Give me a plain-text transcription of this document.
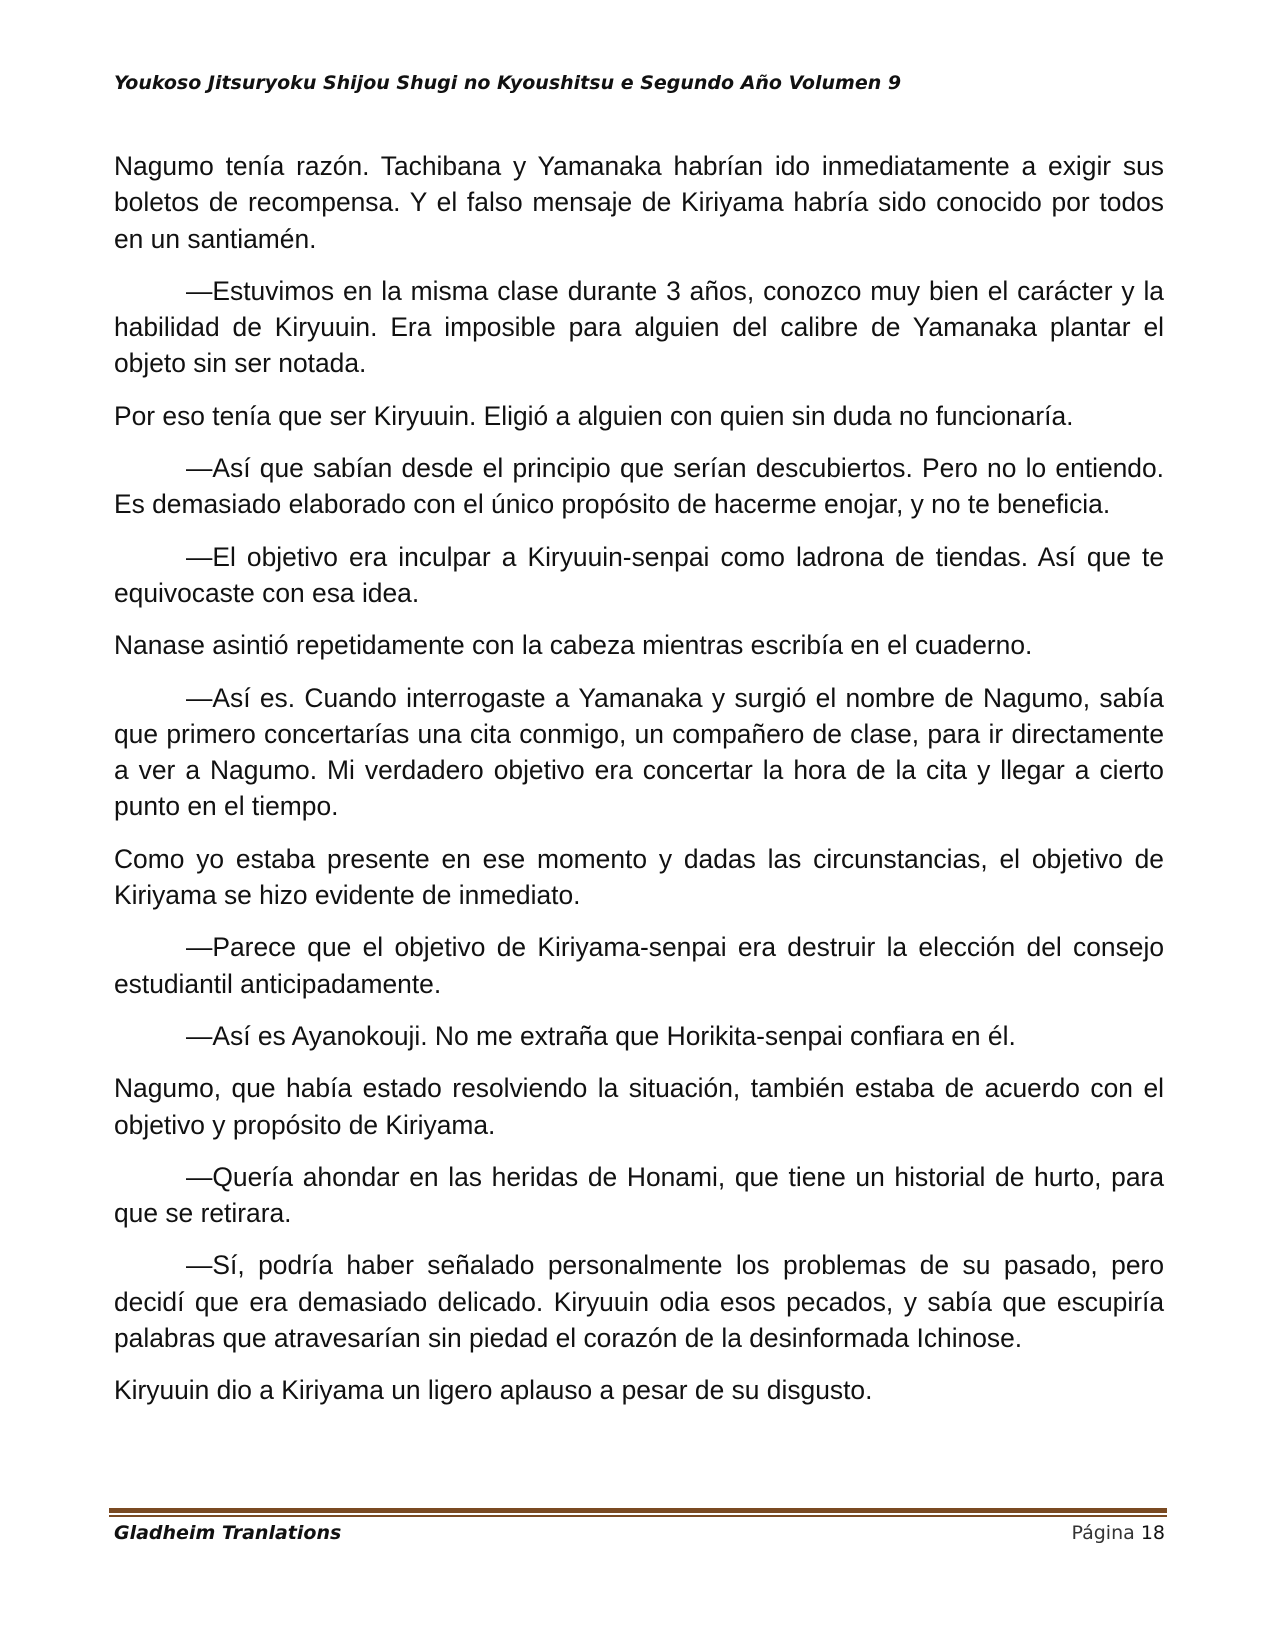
Youkoso Jitsuryoku Shijou Shugi no Kyoushitsu e Segundo Año Volumen 9

Nagumo tenía razón. Tachibana y Yamanaka habrían ido inmediatamente a exigir sus boletos de recompensa. Y el falso mensaje de Kiriyama habría sido conocido por todos en un santiamén.

—Estuvimos en la misma clase durante 3 años, conozco muy bien el carácter y la habilidad de Kiryuuin. Era imposible para alguien del calibre de Yamanaka plantar el objeto sin ser notada.

Por eso tenía que ser Kiryuuin. Eligió a alguien con quien sin duda no funcionaría.

—Así que sabían desde el principio que serían descubiertos. Pero no lo entiendo. Es demasiado elaborado con el único propósito de hacerme enojar, y no te beneficia.

—El objetivo era inculpar a Kiryuuin-senpai como ladrona de tiendas. Así que te equivocaste con esa idea.

Nanase asintió repetidamente con la cabeza mientras escribía en el cuaderno.

—Así es. Cuando interrogaste a Yamanaka y surgió el nombre de Nagumo, sabía que primero concertarías una cita conmigo, un compañero de clase, para ir directamente a ver a Nagumo. Mi verdadero objetivo era concertar la hora de la cita y llegar a cierto punto en el tiempo.

Como yo estaba presente en ese momento y dadas las circunstancias, el objetivo de Kiriyama se hizo evidente de inmediato.

—Parece que el objetivo de Kiriyama-senpai era destruir la elección del consejo estudiantil anticipadamente.

—Así es Ayanokouji. No me extraña que Horikita-senpai confiara en él.

Nagumo, que había estado resolviendo la situación, también estaba de acuerdo con el objetivo y propósito de Kiriyama.

—Quería ahondar en las heridas de Honami, que tiene un historial de hurto, para que se retirara.

—Sí, podría haber señalado personalmente los problemas de su pasado, pero decidí que era demasiado delicado. Kiryuuin odia esos pecados, y sabía que escupiría palabras que atravesarían sin piedad el corazón de la desinformada Ichinose.

Kiryuuin dio a Kiriyama un ligero aplauso a pesar de su disgusto.

Gladheim Tranlations	Página 18
